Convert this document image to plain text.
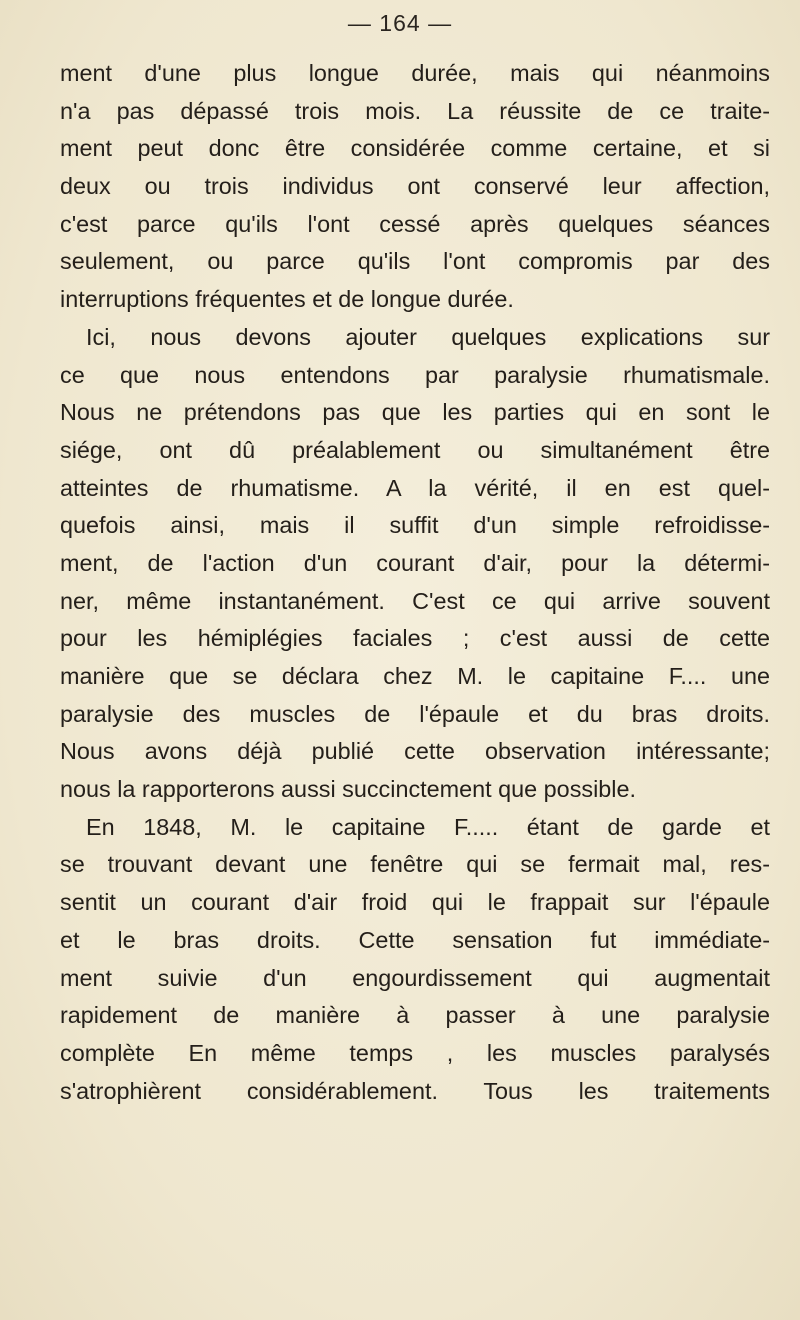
— 164 —
ment d'une plus longue durée, mais qui néanmoins
n'a pas dépassé trois mois. La réussite de ce traite-
ment peut donc être considérée comme certaine, et si
deux ou trois individus ont conservé leur affection,
c'est parce qu'ils l'ont cessé après quelques séances
seulement, ou parce qu'ils l'ont compromis par des
interruptions fréquentes et de longue durée.
Ici, nous devons ajouter quelques explications sur
ce que nous entendons par paralysie rhumatismale.
Nous ne prétendons pas que les parties qui en sont le
siége, ont dû préalablement ou simultanément être
atteintes de rhumatisme. A la vérité, il en est quel-
quefois ainsi, mais il suffit d'un simple refroidisse-
ment, de l'action d'un courant d'air, pour la détermi-
ner, même instantanément. C'est ce qui arrive souvent
pour les hémiplégies faciales ; c'est aussi de cette
manière que se déclara chez M. le capitaine F.... une
paralysie des muscles de l'épaule et du bras droits.
Nous avons déjà publié cette observation intéressante;
nous la rapporterons aussi succinctement que possible.
En 1848, M. le capitaine F..... étant de garde et
se trouvant devant une fenêtre qui se fermait mal, res-
sentit un courant d'air froid qui le frappait sur l'épaule
et le bras droits. Cette sensation fut immédiate-
ment suivie d'un engourdissement qui augmentait
rapidement de manière à passer à une paralysie
complète En même temps , les muscles paralysés
s'atrophièrent considérablement. Tous les traitements
